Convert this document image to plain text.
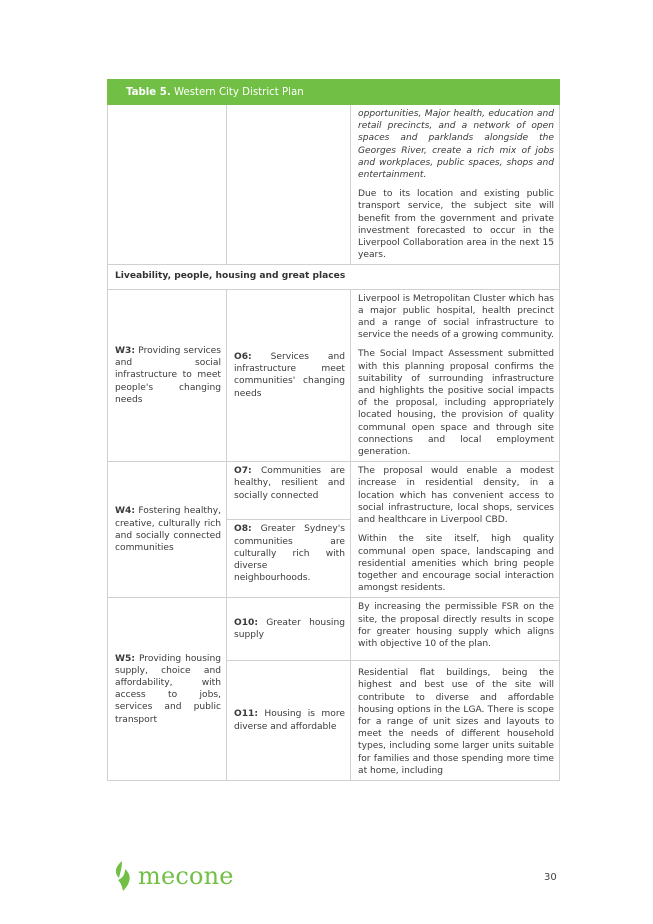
Table 5. Western City District Plan		

		opportunities, Major health, education and retail precincts, and a network of open spaces and parklands alongside the Georges River, create a rich mix of jobs and workplaces, public spaces, shops and entertainment.

Due to its location and existing public transport service, the subject site will benefit from the government and private investment forecasted to occur in the Liverpool Collaboration area in the next 15 years.

Liveability, people, housing and great places		

W3: Providing services and social infrastructure to meet people's changing needs	O6: Services and infrastructure meet communities' changing needs	Liverpool is Metropolitan Cluster which has a major public hospital, health precinct and a range of social infrastructure to service the needs of a growing community.

The Social Impact Assessment submitted with this planning proposal confirms the suitability of surrounding infrastructure and highlights the positive social impacts of the proposal, including appropriately located housing, the provision of quality communal open space and through site connections and local employment generation.

W4: Fostering healthy, creative, culturally rich and socially connected communities	O7: Communities are healthy, resilient and socially connected	The proposal would enable a modest increase in residential density, in a location which has convenient access to social infrastructure, local shops, services and healthcare in Liverpool CBD.

Within the site itself, high quality communal open space, landscaping and residential amenities which bring people together and encourage social interaction amongst residents.

	O8: Greater Sydney's communities are culturally rich with diverse neighbourhoods.	

W5: Providing housing supply, choice and affordability, with access to jobs, services and public transport	O10: Greater housing supply	By increasing the permissible FSR on the site, the proposal directly results in scope for greater housing supply which aligns with objective 10 of the plan.

	O11: Housing is more diverse and affordable	Residential flat buildings, being the highest and best use of the site will contribute to diverse and affordable housing options in the LGA. There is scope for a range of unit sizes and layouts to meet the needs of different household types, including some larger units suitable for families and those spending more time at home, including

mecone	30
